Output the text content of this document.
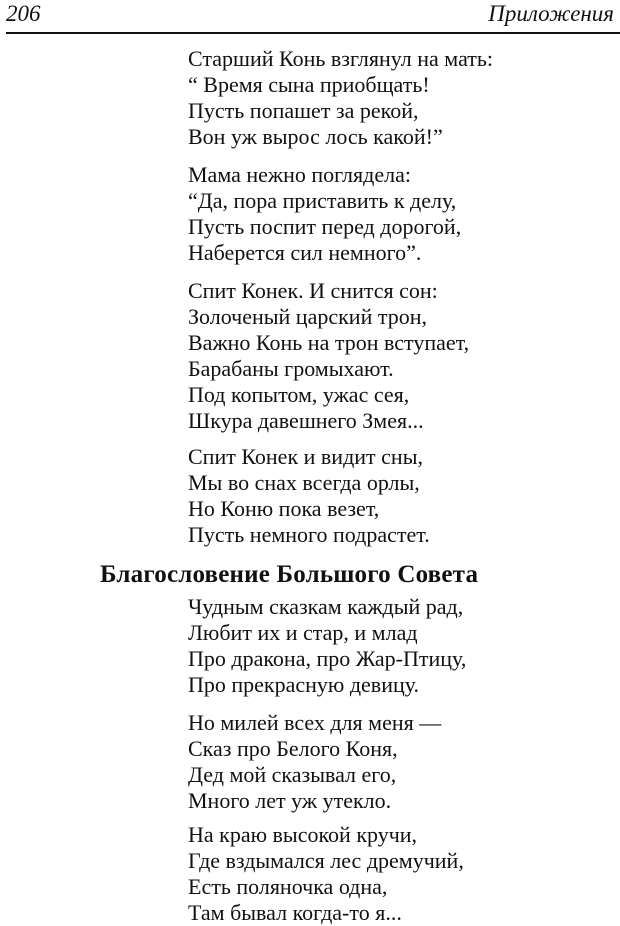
206	Приложения
Старший Конь взглянул на мать:
“ Время сына приобщать!
Пусть попашет за рекой,
Вон уж вырос лось какой!”
Мама нежно поглядела:
“Да, пора приставить к делу,
Пусть поспит перед дорогой,
Наберется сил немного”.
Спит Конек. И снится сон:
Золоченый царский трон,
Важно Конь на трон вступает,
Барабаны громыхают.
Под копытом, ужас сея,
Шкура давешнего Змея...
Спит Конек и видит сны,
Мы во снах всегда орлы,
Но Коню пока везет,
Пусть немного подрастет.
Благословение Большого Совета
Чудным сказкам каждый рад,
Любит их и стар, и млад
Про дракона, про Жар-Птицу,
Про прекрасную девицу.
Но милей всех для меня —
Сказ про Белого Коня,
Дед мой сказывал его,
Много лет уж утекло.
На краю высокой кручи,
Где вздымался лес дремучий,
Есть поляночка одна,
Там бывал когда-то я...
